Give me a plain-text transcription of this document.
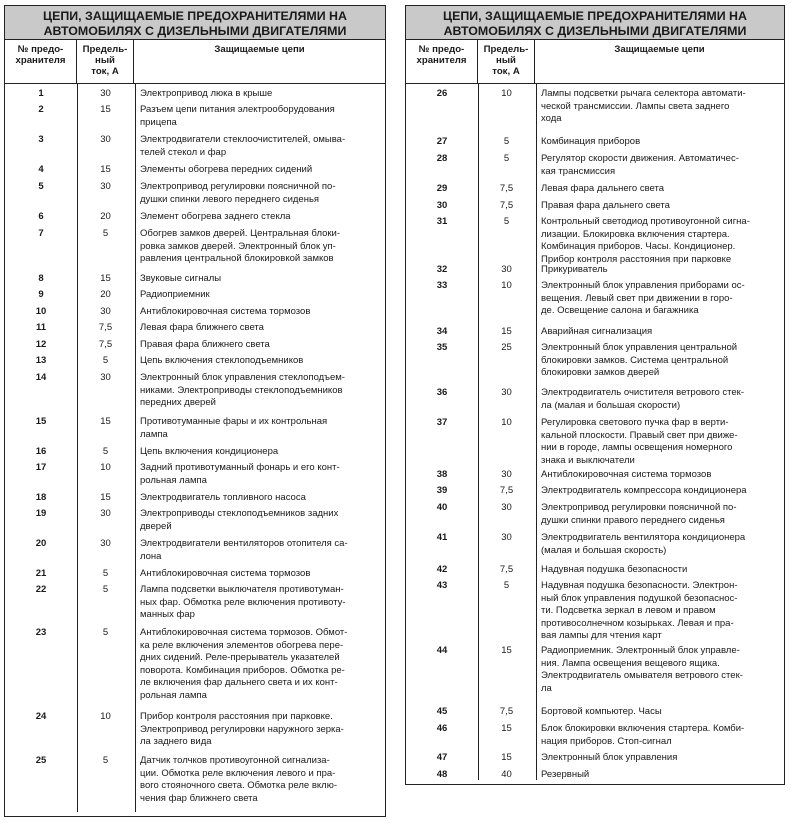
ЦЕПИ, ЗАЩИЩАЕМЫЕ ПРЕДОХРАНИТЕЛЯМИ НА
АВТОМОБИЛЯХ С ДИЗЕЛЬНЫМИ ДВИГАТЕЛЯМИ
№ предо-
хранителя
Предель-
ный
ток, А
Защищаемые цепи
1	30	Электропривод люка в крыше
2	15	Разъем цепи питания электрооборудования
прицепа
3	30	Электродвигатели стеклоочистителей, омыва-
телей стекол и фар
4	15	Элементы обогрева передних сидений
5	30	Электропривод регулировки поясничной по-
душки спинки левого переднего сиденья
6	20	Элемент обогрева заднего стекла
7	5	Обогрев замков дверей. Центральная блоки-
ровка замков дверей. Электронный блок уп-
равления центральной блокировкой замков
8	15	Звуковые сигналы
9	20	Радиоприемник
10	30	Антиблокировочная система тормозов
11	7,5	Левая фара ближнего света
12	7,5	Правая фара ближнего света
13	5	Цепь включения стеклоподъемников
14	30	Электронный блок управления стеклоподъем-
никами. Электроприводы стеклоподъемников
передних дверей
15	15	Противотуманные фары и их контрольная
лампа
16	5	Цепь включения кондиционера
17	10	Задний противотуманный фонарь и его конт-
рольная лампа
18	15	Электродвигатель топливного насоса
19	30	Электроприводы стеклоподъемников задних
дверей
20	30	Электродвигатели вентиляторов отопителя са-
лона
21	5	Антиблокировочная система тормозов
22	5	Лампа подсветки выключателя противотуман-
ных фар. Обмотка реле включения противоту-
манных фар
23	5	Антиблокировочная система тормозов. Обмот-
ка реле включения элементов обогрева пере-
дних сидений. Реле-прерыватель указателей
поворота. Комбинация приборов. Обмотка ре-
ле включения фар дальнего света и их конт-
рольная лампа
24	10	Прибор контроля расстояния при парковке.
Электропривод регулировки наружного зерка-
ла заднего вида
25	5	Датчик толчков противоугонной сигнализа-
ции. Обмотка реле включения левого и пра-
вого стояночного света. Обмотка реле вклю-
чения фар ближнего света
ЦЕПИ, ЗАЩИЩАЕМЫЕ ПРЕДОХРАНИТЕЛЯМИ НА
АВТОМОБИЛЯХ С ДИЗЕЛЬНЫМИ ДВИГАТЕЛЯМИ
№ предо-
хранителя
Предель-
ный
ток, А
Защищаемые цепи
26	10	Лампы подсветки рычага селектора автомати-
ческой трансмиссии. Лампы света заднего
хода
27	5	Комбинация приборов
28	5	Регулятор скорости движения. Автоматичес-
кая трансмиссия
29	7,5	Левая фара дальнего света
30	7,5	Правая фара дальнего света
31	5	Контрольный светодиод противоугонной сигна-
лизации. Блокировка включения стартера.
Комбинация приборов. Часы. Кондиционер.
Прибор контроля расстояния при парковке
32	30	Прикуриватель
33	10	Электронный блок управления приборами ос-
вещения. Левый свет при движении в горо-
де. Освещение салона и багажника
34	15	Аварийная сигнализация
35	25	Электронный блок управления центральной
блокировки замков. Система центральной
блокировки замков дверей
36	30	Электродвигатель очистителя ветрового стек-
ла (малая и большая скорости)
37	10	Регулировка светового пучка фар в верти-
кальной плоскости. Правый свет при движе-
нии в городе, лампы освещения номерного
знака и выключатели
38	30	Антиблокировочная система тормозов
39	7,5	Электродвигатель компрессора кондиционера
40	30	Электропривод регулировки поясничной по-
душки спинки правого переднего сиденья
41	30	Электродвигатель вентилятора кондиционера
(малая и большая скорость)
42	7,5	Надувная подушка безопасности
43	5	Надувная подушка безопасности. Электрон-
ный блок управления подушкой безопаснос-
ти. Подсветка зеркал в левом и правом
противосолнечном козырьках. Левая и пра-
вая лампы для чтения карт
44	15	Радиоприемник. Электронный блок управле-
ния. Лампа освещения вещевого ящика.
Электродвигатель омывателя ветрового стек-
ла
45	7,5	Бортовой компьютер. Часы
46	15	Блок блокировки включения стартера. Комби-
нация приборов. Стоп-сигнал
47	15	Электронный блок управления
48	40	Резервный
